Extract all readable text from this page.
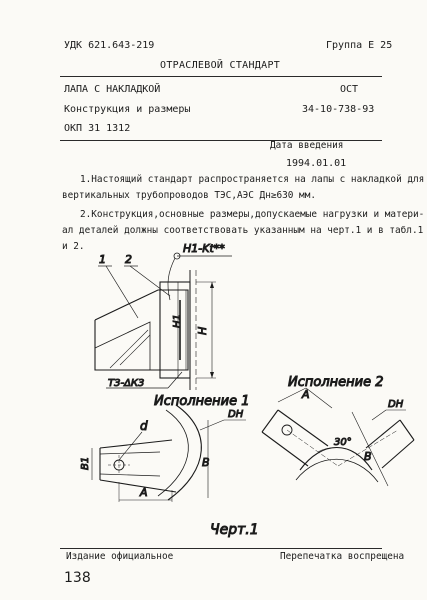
УДК 621.643-219	Группа Е 25
ОТРАСЛЕВОЙ СТАНДАРТ
ЛАПА С НАКЛАДКОЙ
Конструкция и размеры
ОКП 31 1312
ОСТ
34-10-738-93
Дата введения
1994.01.01
1.Настоящий стандарт распространяется на лапы с накладкой для
вертикальных трубопроводов ТЭС,АЭС Дн≥630 мм.
2.Конструкция,основные размеры,допускаемые нагрузки и матери-
ал деталей должны соответствовать указанным на черт.1 и в табл.1
и 2.
1 2
H1-Kt**
H1
H
Т3-ΔК3
Исполнение 1
Исполнение 2
d
DH
DH
B1	B	B
A
A
30°
Черт.1
Издание официальное	Перепечатка воспрещена
138
